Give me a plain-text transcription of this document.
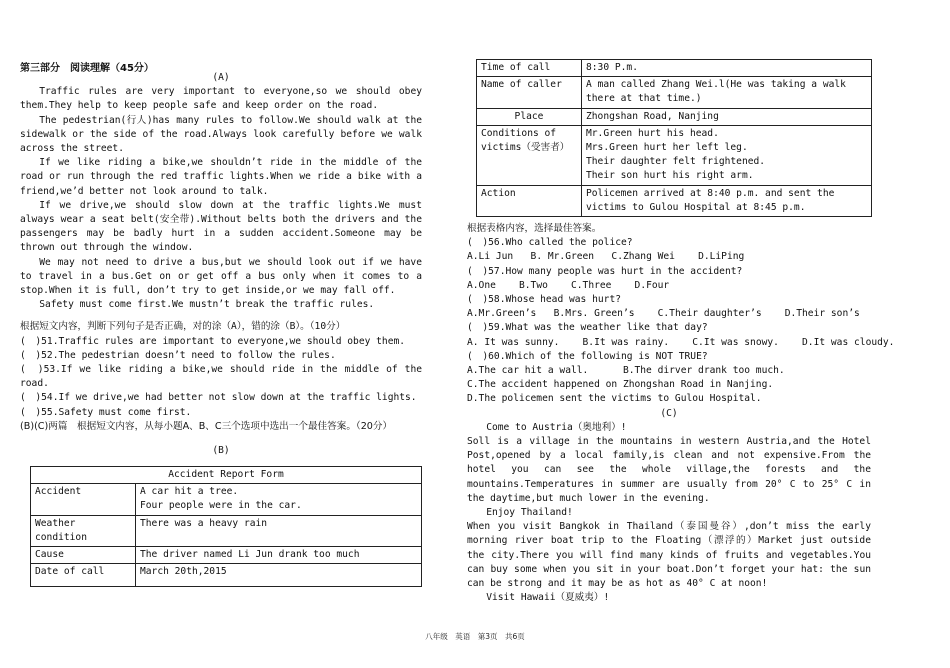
第三部分　阅读理解（45分）
(A)
Traffic rules are very important to everyone,so we should obey them.They help to keep people safe and keep order on the road.
The pedestrian(行人)has many rules to follow.We should walk at the sidewalk or the side of the road.Always look carefully before we walk across the street.
If we like riding a bike,we shouldn’t ride in the middle of the road or run through the red traffic lights.When we ride a bike with a friend,we’d better not look around to talk.
If we drive,we should slow down at the traffic lights.We must always wear a seat belt(安全带).Without belts both the drivers and the passengers may be badly hurt in a sudden accident.Someone may be thrown out through the window.
We may not need to drive a bus,but we should look out if we have to travel in a bus.Get on or get off a bus only when it comes to a stop.When it is full, don’t try to get inside,or we may fall off.
Safety must come first.We mustn’t break the traffic rules.
根据短文内容，判断下列句子是否正确，对的涂（A），错的涂（B）。（10分）
(　)51.Traffic rules are important to everyone,we should obey them.
(　)52.The pedestrian doesn’t need to follow the rules.
(　)53.If we like riding a bike,we should ride in the middle of the road.
(　)54.If we drive,we had better not slow down at the traffic lights.
(　)55.Safety must come first.
(B)(C)两篇　根据短文内容，从每小题A、B、C三个选项中选出一个最佳答案。（20分）
(B)
Accident Report Form	
Accident	A car hit a tree.
Four people were in the car.
Weather condition	There was a heavy rain
Cause	The driver named Li Jun drank too much
Date of call	March 20th,2015
Time of call	8:30 P.m.
Name of caller	A man called Zhang Wei.l(He was taking a walk there at that time.)
Place	Zhongshan Road, Nanjing
Conditions of victims（受害者）	Mr.Green hurt his head.
Mrs.Green hurt her left leg.
Their daughter felt frightened.
Their son hurt his right arm.
Action	Policemen arrived at 8:40 p.m. and sent the victims to Gulou Hospital at 8:45 p.m.
根据表格内容，选择最佳答案。
(　)56.Who called the police?
A.Li Jun B. Mr.Green C.Zhang Wei D.LiPing
(　)57.How many people was hurt in the accident?
A.One B.Two C.Three D.Four
(　)58.Whose head was hurt?
A.Mr.Green’s B.Mrs. Green’s C.Their daughter’s D.Their son’s
(　)59.What was the weather like that day?
A. It was sunny. B.It was rainy. C.It was snowy. D.It was cloudy.
(　)60.Which of the following is NOT TRUE?
A.The car hit a wall.	B.The dirver drank too much.
C.The accident happened on Zhongshan Road in Nanjing.
D.The policemen sent the victims to Gulou Hospital.
(C)
Come to Austria（奥地利）!
Soll is a village in the mountains in western Austria,and the Hotel Post,opened by a local family,is clean and not expensive.From the hotel you can see the whole village,the forests and the mountains.Temperatures in summer are usually from 20° C to 25° C in the daytime,but much lower in the evening.
Enjoy Thailand!
When you visit Bangkok in Thailand（泰国曼谷）,don’t miss the early morning river boat trip to the Floating（漂浮的）Market just outside the city.There you will find many kinds of fruits and vegetables.You can buy some when you sit in your boat.Don’t forget your hat: the sun can be strong and it may be as hot as 40° C at noon!
Visit Hawaii（夏威夷）!
八年级　英语　第3页　共6页
